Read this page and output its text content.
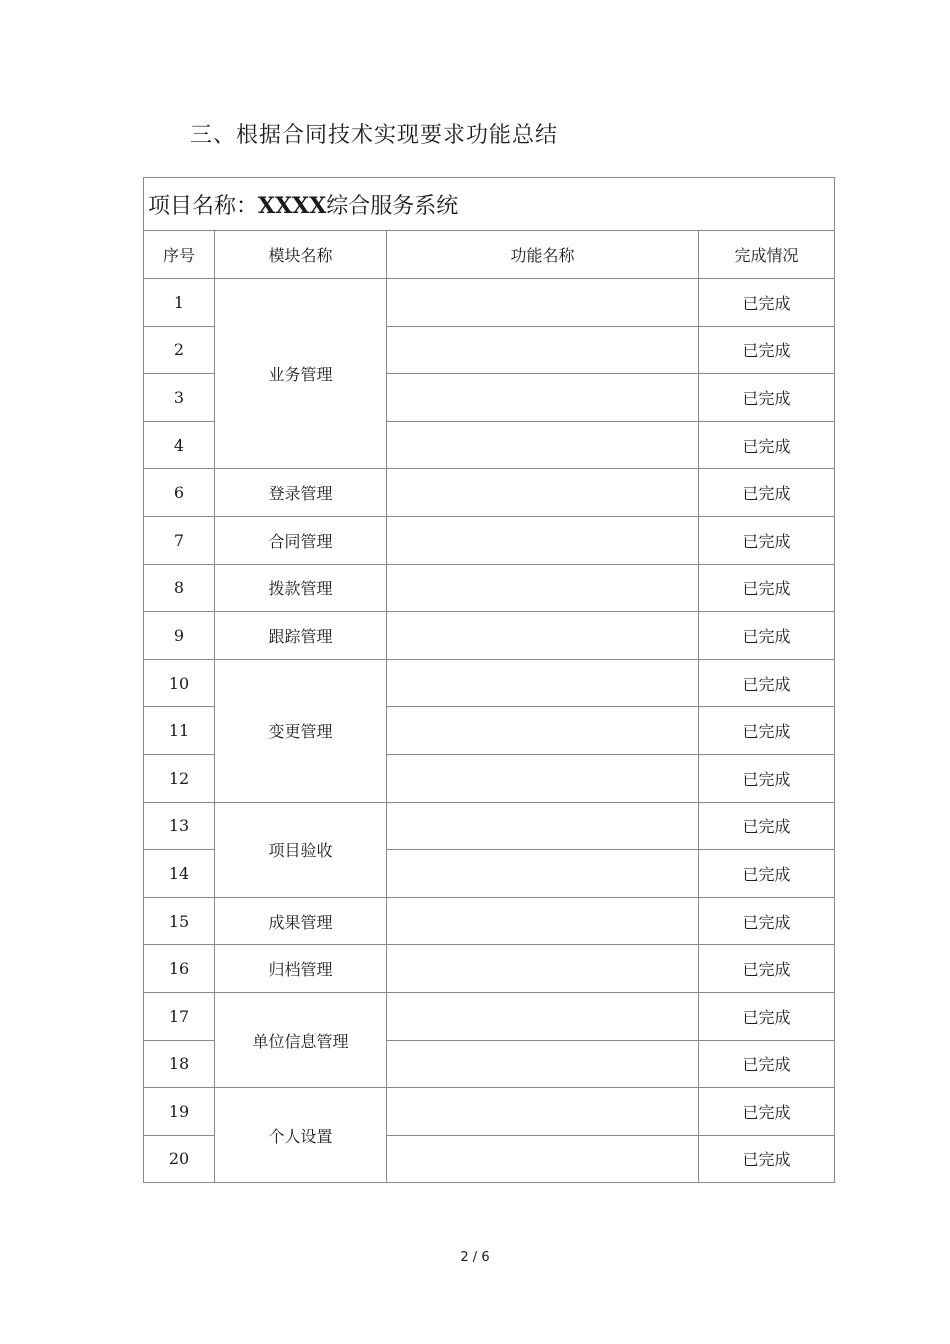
三、根据合同技术实现要求功能总结
项目名称：XXXX综合服务系统			
序号	模块名称	功能名称	完成情况
1	业务管理		已完成
2			已完成
3			已完成
4			已完成
6	登录管理		已完成
7	合同管理		已完成
8	拨款管理		已完成
9	跟踪管理		已完成
10	变更管理		已完成
11			已完成
12			已完成
13	项目验收		已完成
14			已完成
15	成果管理		已完成
16	归档管理		已完成
17	单位信息管理		已完成
18			已完成
19	个人设置		已完成
20			已完成
2 / 6
